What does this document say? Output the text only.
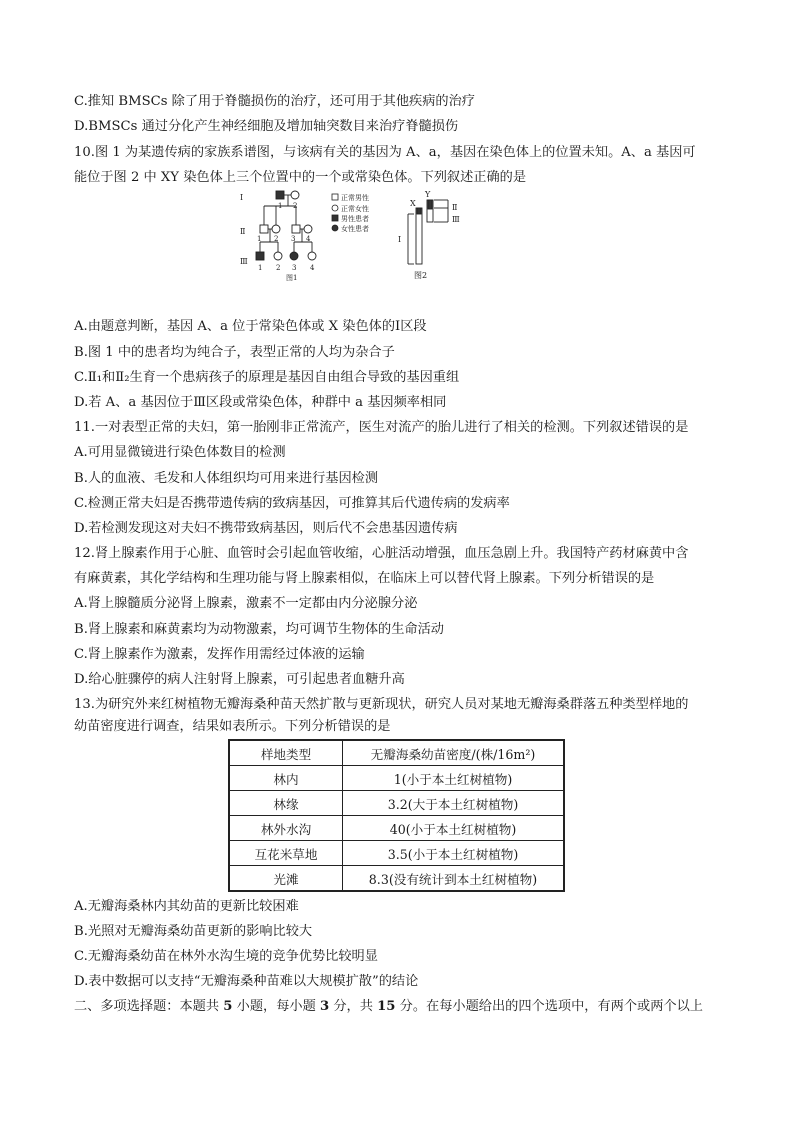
C.推知 BMSCs 除了用于脊髓损伤的治疗，还可用于其他疾病的治疗
D.BMSCs 通过分化产生神经细胞及增加轴突数目来治疗脊髓损伤
10.图 1 为某遗传病的家族系谱图，与该病有关的基因为 A、a，基因在染色体上的位置未知。A、a 基因可
能位于图 2 中 XY 染色体上三个位置中的一个或常染色体。下列叙述正确的是
Ⅰ
Ⅱ
Ⅲ
1 2
1 2 3 4
1 2 3 4
图1
正常男性
正常女性
男性患者
女性患者
X
Y
Ⅰ
Ⅱ
Ⅲ
图2
A.由题意判断，基因 A、a 位于常染色体或 X 染色体的Ⅰ区段
B.图 1 中的患者均为纯合子，表型正常的人均为杂合子
C.Ⅱ₁和Ⅱ₂生育一个患病孩子的原理是基因自由组合导致的基因重组
D.若 A、a 基因位于Ⅲ区段或常染色体，种群中 a 基因频率相同
11.一对表型正常的夫妇，第一胎刚非正常流产，医生对流产的胎儿进行了相关的检测。下列叙述错误的是
A.可用显微镜进行染色体数目的检测
B.人的血液、毛发和人体组织均可用来进行基因检测
C.检测正常夫妇是否携带遗传病的致病基因，可推算其后代遗传病的发病率
D.若检测发现这对夫妇不携带致病基因，则后代不会患基因遗传病
12.肾上腺素作用于心脏、血管时会引起血管收缩，心脏活动增强，血压急剧上升。我国特产药材麻黄中含
有麻黄素，其化学结构和生理功能与肾上腺素相似，在临床上可以替代肾上腺素。下列分析错误的是
A.肾上腺髓质分泌肾上腺素，激素不一定都由内分泌腺分泌
B.肾上腺素和麻黄素均为动物激素，均可调节生物体的生命活动
C.肾上腺素作为激素，发挥作用需经过体液的运输
D.给心脏骤停的病人注射肾上腺素，可引起患者血糖升高
13.为研究外来红树植物无瓣海桑种苗天然扩散与更新现状，研究人员对某地无瓣海桑群落五种类型样地的
幼苗密度进行调查，结果如表所示。下列分析错误的是
样地类型	无瓣海桑幼苗密度/(株/16m²)
林内	1(小于本土红树植物)
林缘	3.2(大于本土红树植物)
林外水沟	40(小于本土红树植物)
互花米草地	3.5(小于本土红树植物)
光滩	8.3(没有统计到本土红树植物)
A.无瓣海桑林内其幼苗的更新比较困难
B.光照对无瓣海桑幼苗更新的影响比较大
C.无瓣海桑幼苗在林外水沟生境的竞争优势比较明显
D.表中数据可以支持“无瓣海桑种苗难以大规模扩散”的结论
二、多项选择题：本题共 5 小题，每小题 3 分，共 15 分。在每小题给出的四个选项中，有两个或两个以上
